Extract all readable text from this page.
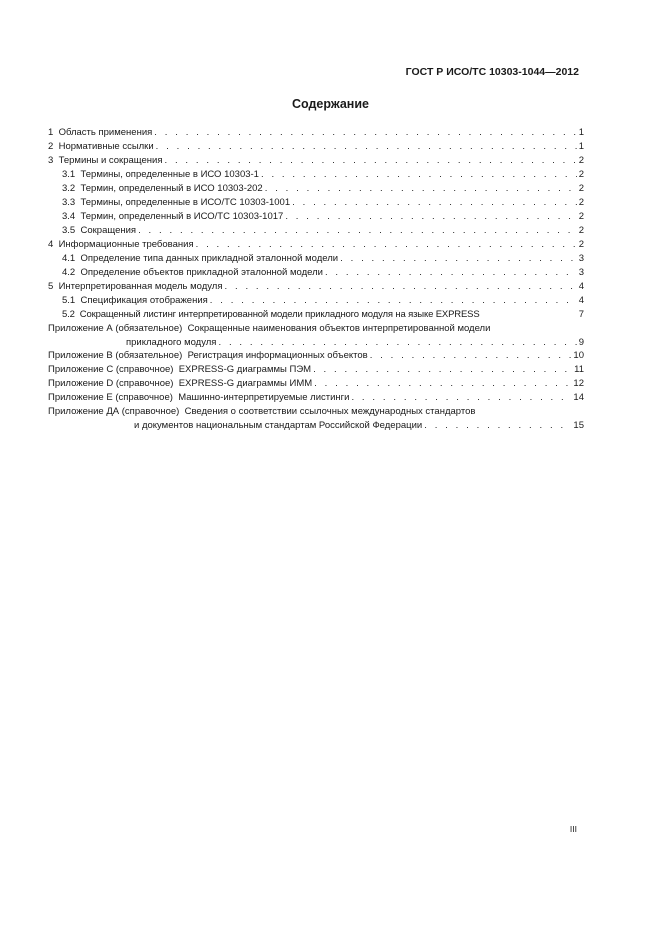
ГОСТ Р ИСО/ТС 10303-1044—2012
Содержание
1 Область применения . . .	1
2 Нормативные ссылки . . .	1
3 Термины и сокращения . . .	2
3.1 Термины, определенные в ИСО 10303-1 . . .	2
3.2 Термин, определенный в ИСО 10303-202 . . .	2
3.3 Термины, определенные в ИСО/ТС 10303-1001 . . .	2
3.4 Термин, определенный в ИСО/ТС 10303-1017 . . .	2
3.5 Сокращения . . .	2
4 Информационные требования . . .	2
4.1 Определение типа данных прикладной эталонной модели . . .	3
4.2 Определение объектов прикладной эталонной модели . . .	3
5 Интерпретированная модель модуля . . .	4
5.1 Спецификация отображения . . .	4
5.2 Сокращенный листинг интерпретированной модели прикладного модуля на языке EXPRESS	7
Приложение А (обязательное) Сокращенные наименования объектов интерпретированной модели
прикладного модуля . . .	9
Приложение В (обязательное) Регистрация информационных объектов . . .	10
Приложение С (справочное) EXPRESS-G диаграммы ПЭМ . . .	11
Приложение D (справочное) EXPRESS-G диаграммы ИММ . . .	12
Приложение Е (справочное) Машинно-интерпретируемые листинги . . .	14
Приложение ДА (справочное) Сведения о соответствии ссылочных международных стандартов
и документов национальным стандартам Российской Федерации . . .	15
III
